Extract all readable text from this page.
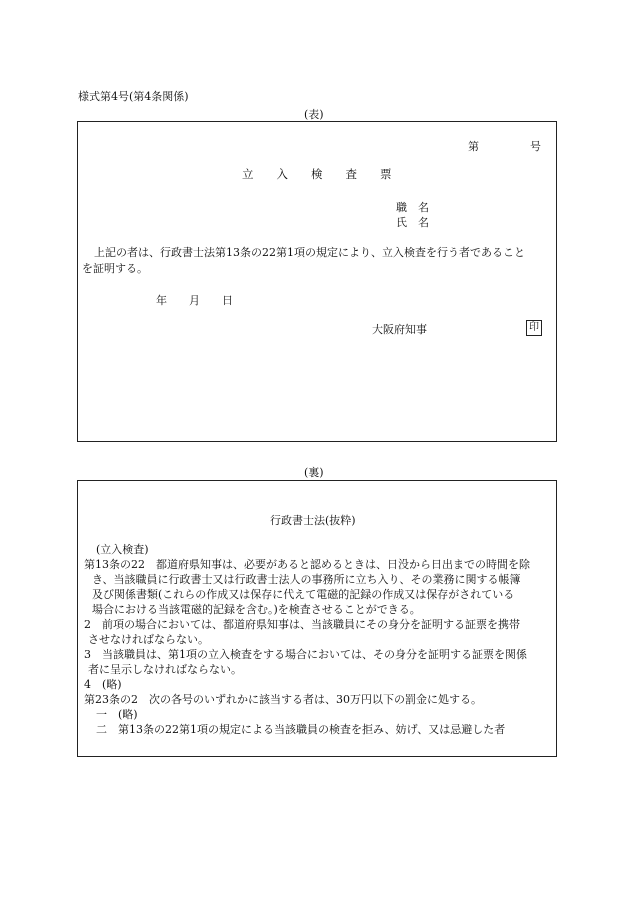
様式第4号(第4条関係)
(表)
第	号
立　　入　　検　　査　　票
職　名
氏　名
上記の者は、行政書士法第13条の22第1項の規定により、立入検査を行う者であること
を証明する。
年　　月　　日
大阪府知事	印
(裏)
行政書士法(抜粋)
(立入検査)
第13条の22　都道府県知事は、必要があると認めるときは、日没から日出までの時間を除
き、当該職員に行政書士又は行政書士法人の事務所に立ち入り、その業務に関する帳簿
及び関係書類(これらの作成又は保存に代えて電磁的記録の作成又は保存がされている
場合における当該電磁的記録を含む。)を検査させることができる。
2　前項の場合においては、都道府県知事は、当該職員にその身分を証明する証票を携帯
させなければならない。
3　当該職員は、第1項の立入検査をする場合においては、その身分を証明する証票を関係
者に呈示しなければならない。
4　(略)
第23条の2　次の各号のいずれかに該当する者は、30万円以下の罰金に処する。
一　(略)
二　第13条の22第1項の規定による当該職員の検査を拒み、妨げ、又は忌避した者
